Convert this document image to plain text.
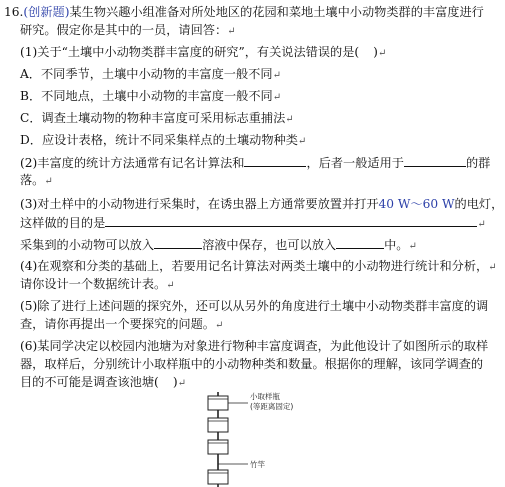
16.(创新题)某生物兴趣小组准备对所处地区的花园和菜地土壤中小动物类群的丰富度进行
研究。假定你是其中的一员，请回答：↵
(1)关于“土壤中小动物类群丰富度的研究”，有关说法错误的是( )↵
A．不同季节，土壤中小动物的丰富度一般不同↵
B．不同地点，土壤中小动物的丰富度一般不同↵
C．调查土壤动物的物种丰富度可采用标志重捕法↵
D．应设计表格，统计不同采集样点的土壤动物种类↵
(2)丰富度的统计方法通常有记名计算法和	，后者一般适用于	的群
落。↵
(3)对土样中的小动物进行采集时，在诱虫器上方通常要放置并打开40 W～60 W的电灯，
这样做的目的是	↵
采集到的小动物可以放入	溶液中保存，也可以放入	中。↵
(4)在观察和分类的基础上，若要用记名计算法对两类土壤中的小动物进行统计和分析，↵
请你设计一个数据统计表。↵
(5)除了进行上述问题的探究外，还可以从另外的角度进行土壤中小动物类群丰富度的调
查，请你再提出一个要探究的问题。↵
(6)某同学决定以校园内池塘为对象进行物种丰富度调查，为此他设计了如图所示的取样
器，取样后，分别统计小取样瓶中的小动物种类和数量。根据你的理解，该同学调查的
目的不可能是调查该池塘( )↵
小取样瓶
(等距离固定)
竹竿
